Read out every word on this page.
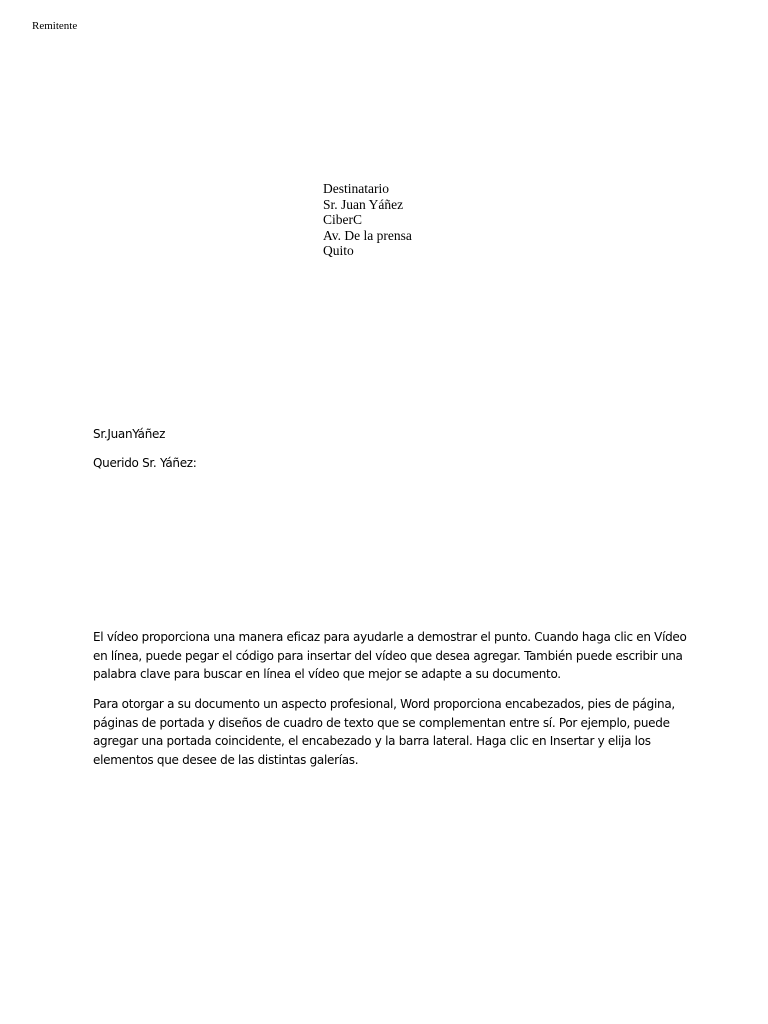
Remitente
Destinatario
Sr. Juan Yáñez
CiberC
Av. De la prensa
Quito
Sr.JuanYáñez
Querido Sr. Yáñez:
El vídeo proporciona una manera eficaz para ayudarle a demostrar el punto. Cuando haga clic en Vídeo en línea, puede pegar el código para insertar del vídeo que desea agregar. También puede escribir una palabra clave para buscar en línea el vídeo que mejor se adapte a su documento.
Para otorgar a su documento un aspecto profesional, Word proporciona encabezados, pies de página, páginas de portada y diseños de cuadro de texto que se complementan entre sí. Por ejemplo, puede agregar una portada coincidente, el encabezado y la barra lateral. Haga clic en Insertar y elija los elementos que desee de las distintas galerías.
